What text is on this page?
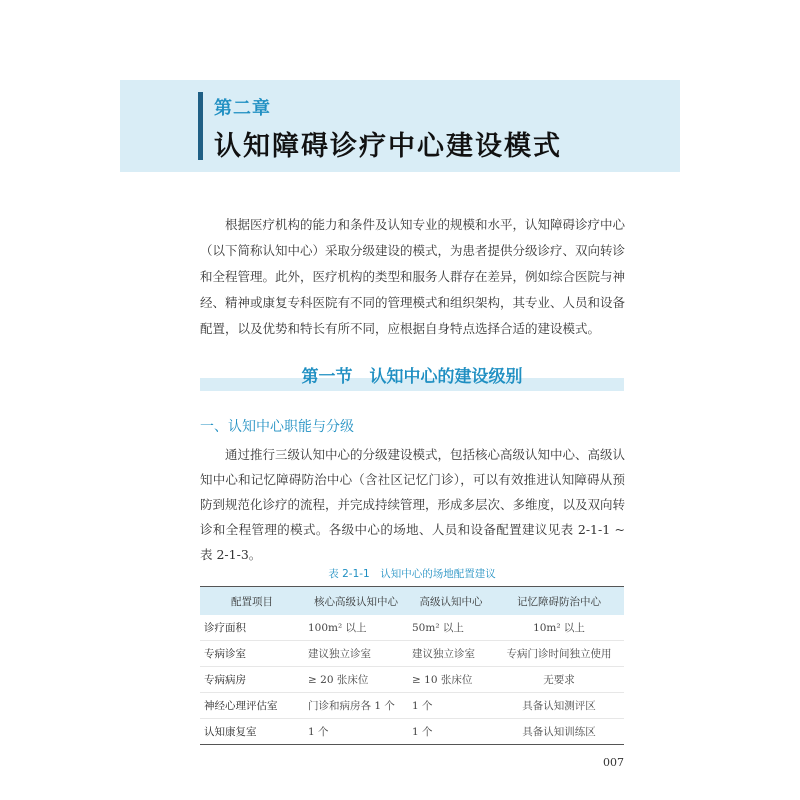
第二章
认知障碍诊疗中心建设模式

根据医疗机构的能力和条件及认知专业的规模和水平，认知障碍诊疗中心（以下简称认知中心）采取分级建设的模式，为患者提供分级诊疗、双向转诊和全程管理。此外，医疗机构的类型和服务人群存在差异，例如综合医院与神经、精神或康复专科医院有不同的管理模式和组织架构，其专业、人员和设备配置，以及优势和特长有所不同，应根据自身特点选择合适的建设模式。

第一节　认知中心的建设级别
一、认知中心职能与分级

通过推行三级认知中心的分级建设模式，包括核心高级认知中心、高级认知中心和记忆障碍防治中心（含社区记忆门诊），可以有效推进认知障碍从预防到规范化诊疗的流程，并完成持续管理，形成多层次、多维度，以及双向转诊和全程管理的模式。各级中心的场地、人员和设备配置建议见表 2-1-1 ~ 表 2-1-3。

表 2-1-1　认知中心的场地配置建议
配置项目	核心高级认知中心	高级认知中心	记忆障碍防治中心
诊疗面积	100m² 以上	50m² 以上	10m² 以上
专病诊室	建议独立诊室	建议独立诊室	专病门诊时间独立使用
专病病房	≥ 20 张床位	≥ 10 张床位	无要求
神经心理评估室	门诊和病房各 1 个	1 个	具备认知测评区
认知康复室	1 个	1 个	具备认知训练区
007
